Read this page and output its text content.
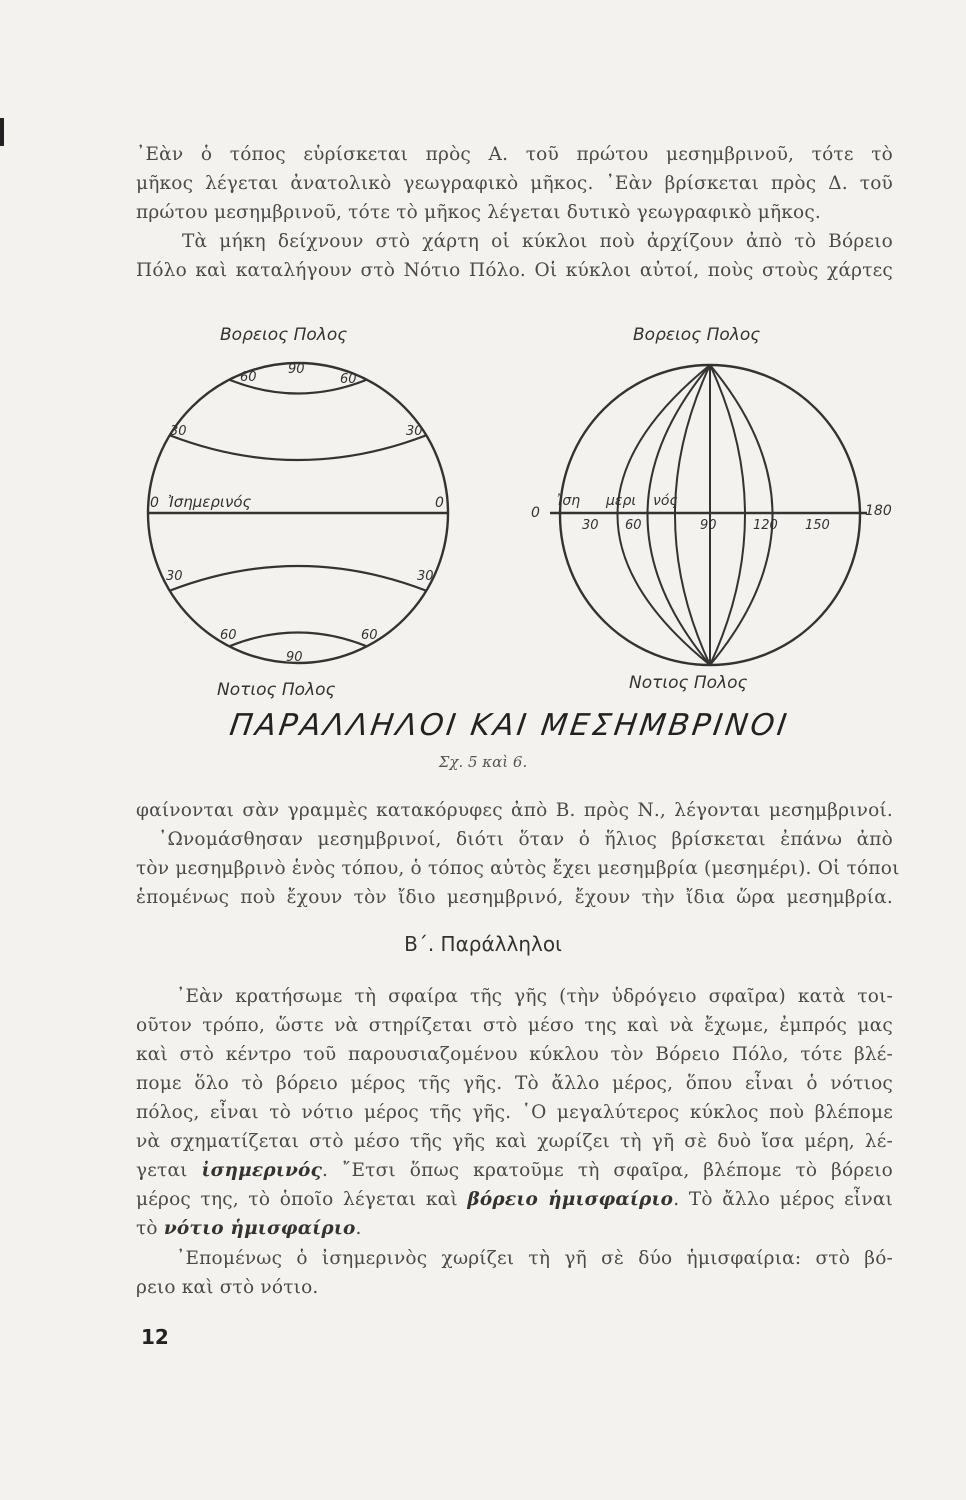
᾿Εὰν ὁ τόπος εὑρίσκεται πρὸς Α. τοῦ πρώτου μεσημβρινοῦ, τότε τὸ
μῆκος λέγεται ἀνατολικὸ γεωγραφικὸ μῆκος. ᾿Εὰν βρίσκεται πρὸς Δ. τοῦ
πρώτου μεσημβρινοῦ, τότε τὸ μῆκος λέγεται δυτικὸ γεωγραφικὸ μῆκος.
Τὰ μήκη δείχνουν στὸ χάρτη οἱ κύκλοι ποὺ ἀρχίζουν ἀπὸ τὸ Βόρειο
Πόλο καὶ καταλήγουν στὸ Νότιο Πόλο. Οἱ κύκλοι αὐτοί, ποὺς στοὺς χάρτες
Βορειος Πολος
90
60	60
30	30
0 Ἰσημερινός	0
30	30
60	60
90
Νοτιος Πολος
Βορειος Πολος
0
Ἰση μερι νός
30 60	90	120 150
180
Νοτιος Πολος
ΠΑΡΑΛΛΗΛΟΙ ΚΑΙ ΜΕΣΗΜΒΡΙΝΟΙ
Σχ. 5 καὶ 6.
φαίνονται σὰν γραμμὲς κατακόρυφες ἀπὸ Β. πρὸς Ν., λέγονται μεσημβρινοί.
᾿Ωνομάσθησαν μεσημβρινοί, διότι ὅταν ὁ ἥλιος βρίσκεται ἐπάνω ἀπὸ
τὸν μεσημβρινὸ ἑνὸς τόπου, ὁ τόπος αὐτὸς ἔχει μεσημβρία (μεσημέρι). Οἱ τόποι
ἑπομένως ποὺ ἔχουν τὸν ἴδιο μεσημβρινό, ἔχουν τὴν ἴδια ὥρα μεσημβρία.
Β΄. Παράλληλοι
᾿Εὰν κρατήσωμε τὴ σφαίρα τῆς γῆς (τὴν ὑδρόγειο σφαῖρα) κατὰ τοι-
οῦτον τρόπο, ὥστε νὰ στηρίζεται στὸ μέσο της καὶ νὰ ἔχωμε, ἐμπρός μας
καὶ στὸ κέντρο τοῦ παρουσιαζομένου κύκλου τὸν Βόρειο Πόλο, τότε βλέ-
πομε ὅλο τὸ βόρειο μέρος τῆς γῆς. Τὸ ἄλλο μέρος, ὅπου εἶναι ὁ νότιος
πόλος, εἶναι τὸ νότιο μέρος τῆς γῆς. ῾Ο μεγαλύτερος κύκλος ποὺ βλέπομε
νὰ σχηματίζεται στὸ μέσο τῆς γῆς καὶ χωρίζει τὴ γῆ σὲ δυὸ ἴσα μέρη, λέ-
γεται ἰσημερινός. ῎Ετσι ὅπως κρατοῦμε τὴ σφαῖρα, βλέπομε τὸ βόρειο
μέρος της, τὸ ὁποῖο λέγεται καὶ βόρειο ἡμισφαίριο. Τὸ ἄλλο μέρος εἶναι
τὸ νότιο ἡμισφαίριο.
᾿Επομένως ὁ ἰσημερινὸς χωρίζει τὴ γῆ σὲ δύο ἡμισφαίρια: στὸ βό-
ρειο καὶ στὸ νότιο.
12
